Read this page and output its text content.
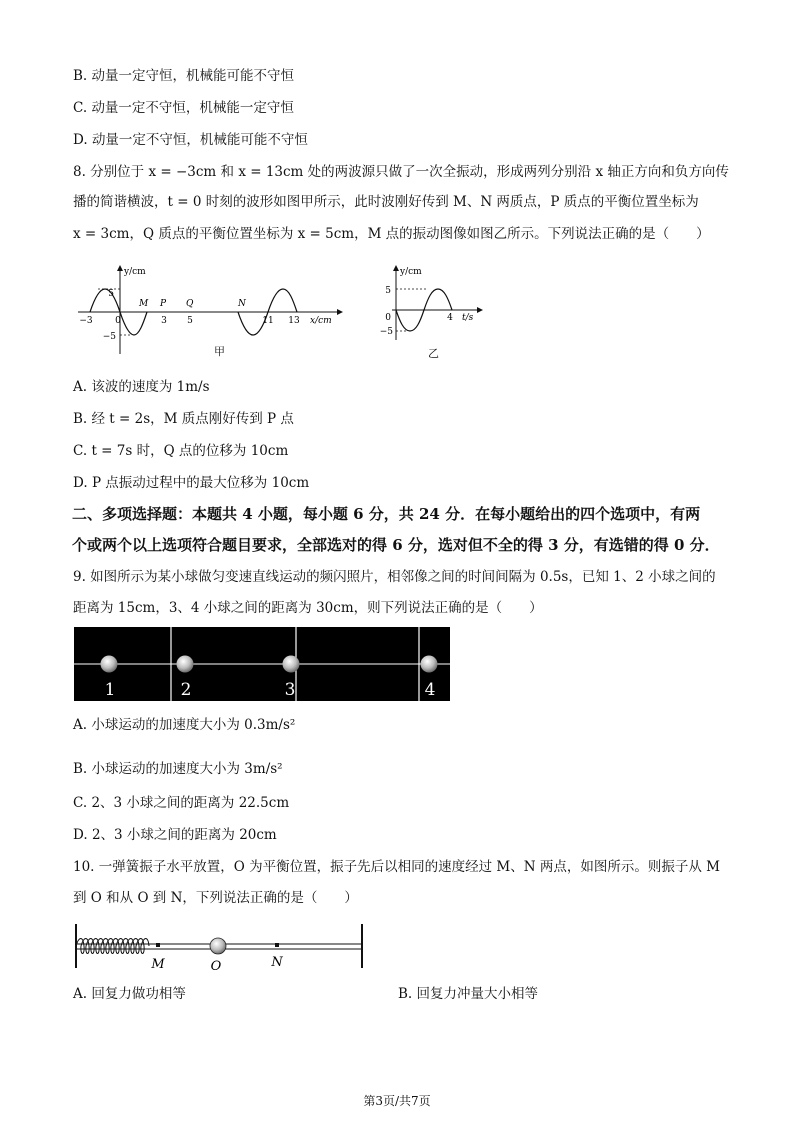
B. 动量一定守恒，机械能可能不守恒
C. 动量一定不守恒，机械能一定守恒
D. 动量一定不守恒，机械能可能不守恒
8. 分别位于 x = −3cm 和 x = 13cm 处的两波源只做了一次全振动，形成两列分别沿 x 轴正方向和负方向传
播的简谐横波，t = 0 时刻的波形如图甲所示，此时波刚好传到 M、N 两质点，P 质点的平衡位置坐标为
x = 3cm，Q 质点的平衡位置坐标为 x = 5cm，M 点的振动图像如图乙所示。下列说法正确的是（　　）
5
−5
y/cm
x/cm
−3 0	3 5	11 13
M P Q	N
甲
y/cm
5
−5
0	4 t/s
乙
A. 该波的速度为 1m/s
B. 经 t = 2s，M 质点刚好传到 P 点
C. t = 7s 时，Q 点的位移为 10cm
D. P 点振动过程中的最大位移为 10cm
二、多项选择题：本题共 4 小题，每小题 6 分，共 24 分．在每小题给出的四个选项中，有两
个或两个以上选项符合题目要求，全部选对的得 6 分，选对但不全的得 3 分，有选错的得 0 分．
9. 如图所示为某小球做匀变速直线运动的频闪照片，相邻像之间的时间间隔为 0.5s，已知 1、2 小球之间的
距离为 15cm，3、4 小球之间的距离为 30cm，则下列说法正确的是（　　）
1	2	3	4
A. 小球运动的加速度大小为 0.3m/s²
B. 小球运动的加速度大小为 3m/s²
C. 2、3 小球之间的距离为 22.5cm
D. 2、3 小球之间的距离为 20cm
10. 一弹簧振子水平放置，O 为平衡位置，振子先后以相同的速度经过 M、N 两点，如图所示。则振子从 M
到 O 和从 O 到 N，下列说法正确的是（　　）
M	O	N
A. 回复力做功相等	B. 回复力冲量大小相等
第3页/共7页
